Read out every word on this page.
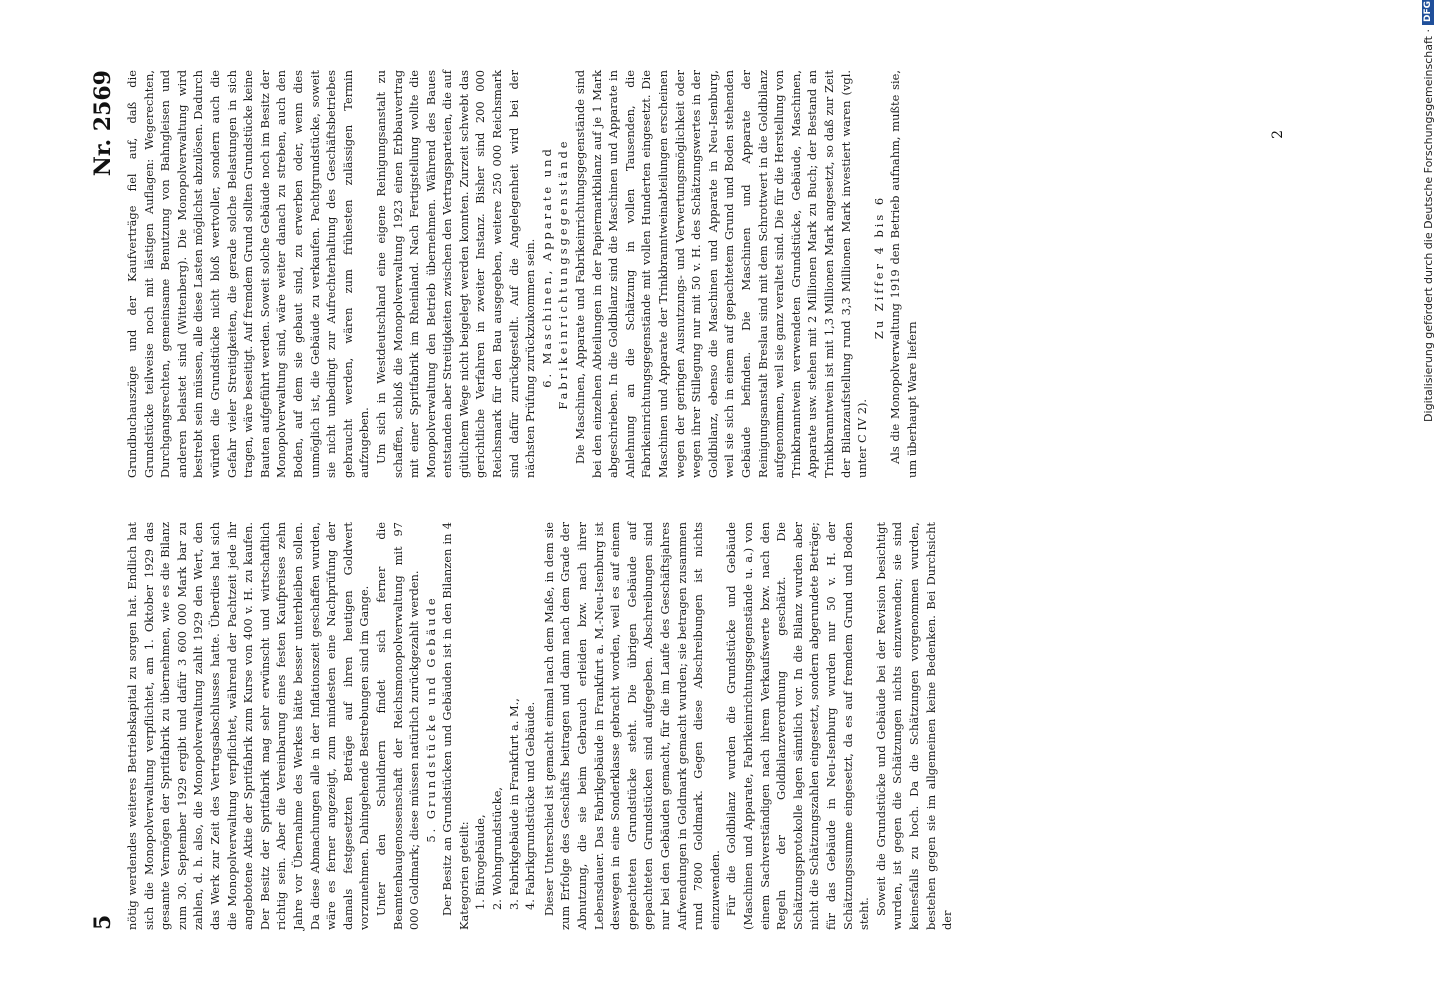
5
Nr. 2569

nötig werdendes weiteres Betriebskapital zu sorgen hat. Endlich hat sich die Monopolverwaltung verpflichtet, am 1. Oktober 1929 das gesamte Vermögen der Spritfabrik zu übernehmen, wie es die Bilanz zum 30. September 1929 ergibt und dafür 3 600 000 Mark bar zu zahlen, d. h. also, die Monopolverwaltung zahlt 1929 den Wert, den das Werk zur Zeit des Vertragsabschlusses hatte. Überdies hat sich die Monopolverwaltung verpflichtet, während der Pachtzeit jede ihr angebotene Aktie der Spritfabrik zum Kurse von 400 v. H. zu kaufen. Der Besitz der Spritfabrik mag sehr erwünscht und wirtschaftlich richtig sein. Aber die Vereinbarung eines festen Kaufpreises zehn Jahre vor Übernahme des Werkes hätte besser unterbleiben sollen. Da diese Abmachungen alle in der Inflationszeit geschaffen wurden, wäre es ferner angezeigt, zum mindesten eine Nachprüfung der damals festgesetzten Beträge auf ihren heutigen Goldwert vorzunehmen. Dahingehende Bestrebungen sind im Gange. Unter den Schuldnern findet sich ferner die Beamtenbaugenossenschaft der Reichsmonopolverwaltung mit 97 000 Goldmark; diese müssen natürlich zurückgezahlt werden. 5. Grundstücke und Gebäude Der Besitz an Grundstücken und Gebäuden ist in den Bilanzen in 4 Kategorien geteilt: 1. Bürogebäude, 2. Wohngrundstücke, 3. Fabrikgebäude in Frankfurt a. M., 4. Fabrikgrundstücke und Gebäude. Dieser Unterschied ist gemacht einmal nach dem Maße, in dem sie zum Erfolge des Geschäfts beitragen und dann nach dem Grade der Abnutzung, die sie beim Gebrauch erleiden bzw. nach ihrer Lebensdauer. Das Fabrikgebäude in Frankfurt a. M.-Neu-Isenburg ist deswegen in eine Sonderklasse gebracht worden, weil es auf einem gepachteten Grundstücke steht. Die übrigen Gebäude auf gepachteten Grundstücken sind aufgegeben. Abschreibungen sind nur bei den Gebäuden gemacht, für die im Laufe des Geschäftsjahres Aufwendungen in Goldmark gemacht wurden; sie betragen zusammen rund 7800 Goldmark. Gegen diese Abschreibungen ist nichts einzuwenden. Für die Goldbilanz wurden die Grundstücke und Gebäude (Maschinen und Apparate, Fabrikeinrichtungsgegenstände u. a.) von einem Sachverständigen nach ihrem Verkaufswerte bzw. nach den Regeln der Goldbilanzverordnung geschätzt. Die Schätzungsprotokolle lagen sämtlich vor. In die Bilanz wurden aber nicht die Schätzungszahlen eingesetzt, sondern abgerundete Beträge; für das Gebäude in Neu-Isenburg wurden nur 50 v. H. der Schätzungssumme eingesetzt, da es auf fremdem Grund und Boden steht. Soweit die Grundstücke und Gebäude bei der Revision besichtigt wurden, ist gegen die Schätzungen nichts einzuwenden; sie sind keinesfalls zu hoch. Da die Schätzungen vorgenommen wurden, bestehen gegen sie im allgemeinen keine Bedenken. Bei Durchsicht der

Grundbuchauszüge und der Kaufverträge fiel auf, daß die Grundstücke teilweise noch mit lästigen Auflagen: Wegerechten, Durchgangsrechten, gemeinsame Benutzung von Bahngleisen und anderen belastet sind (Wittenberg). Die Monopolverwaltung wird bestrebt sein müssen, alle diese Lasten möglichst abzulösen. Dadurch würden die Grundstücke nicht bloß wertvoller, sondern auch die Gefahr vieler Streitigkeiten, die gerade solche Belastungen in sich tragen, wäre beseitigt. Auf fremdem Grund sollten Grundstücke keine Bauten aufgeführt werden. Soweit solche Gebäude noch im Besitz der Monopolverwaltung sind, wäre weiter danach zu streben, auch den Boden, auf dem sie gebaut sind, zu erwerben oder, wenn dies unmöglich ist, die Gebäude zu verkaufen. Pachtgrundstücke, soweit sie nicht unbedingt zur Aufrechterhaltung des Geschäftsbetriebes gebraucht werden, wären zum frühesten zulässigen Termin aufzugeben. Um sich in Westdeutschland eine eigene Reinigungsanstalt zu schaffen, schloß die Monopolverwaltung 1923 einen Erbbauvertrag mit einer Spritfabrik im Rheinland. Nach Fertigstellung wollte die Monopolverwaltung den Betrieb übernehmen. Während des Baues entstanden aber Streitigkeiten zwischen den Vertragsparteien, die auf gütlichem Wege nicht beigelegt werden konnten. Zurzeit schwebt das gerichtliche Verfahren in zweiter Instanz. Bisher sind 200 000 Reichsmark für den Bau ausgegeben, weitere 250 000 Reichsmark sind dafür zurückgestellt. Auf die Angelegenheit wird bei der nächsten Prüfung zurückzukommen sein. 6. Maschinen, Apparate und Fabrikeinrichtungsgegenstände Die Maschinen, Apparate und Fabrikeinrichtungsgegenstände sind bei den einzelnen Abteilungen in der Papiermarkbilanz auf je 1 Mark abgeschrieben. In die Goldbilanz sind die Maschinen und Apparate in Anlehnung an die Schätzung in vollen Tausenden, die Fabrikeinrichtungsgegenstände mit vollen Hunderten eingesetzt. Die Maschinen und Apparate der Trinkbranntweinabteilungen erscheinen wegen der geringen Ausnutzungs- und Verwertungsmöglichkeit oder wegen ihrer Stillegung nur mit 50 v. H. des Schätzungswertes in der Goldbilanz, ebenso die Maschinen und Apparate in Neu-Isenburg, weil sie sich in einem auf gepachtetem Grund und Boden stehenden Gebäude befinden. Die Maschinen und Apparate der Reinigungsanstalt Breslau sind mit dem Schrottwert in die Goldbilanz aufgenommen, weil sie ganz veraltet sind. Die für die Herstellung von Trinkbranntwein verwendeten Grundstücke, Gebäude, Maschinen, Apparate usw. stehen mit 2 Millionen Mark zu Buch; der Bestand an Trinkbranntwein ist mit 1,3 Millionen Mark angesetzt, so daß zur Zeit der Bilanzaufstellung rund 3,3 Millionen Mark investiert waren (vgl. unter C IV 2).

Zu Ziffer 4 bis 6 Als die Monopolverwaltung 1919 den Betrieb aufnahm, mußte sie, um überhaupt Ware liefern

2	Digitalisierung gefördert durch die Deutsche Forschungsgemeinschaft ·
DFG
